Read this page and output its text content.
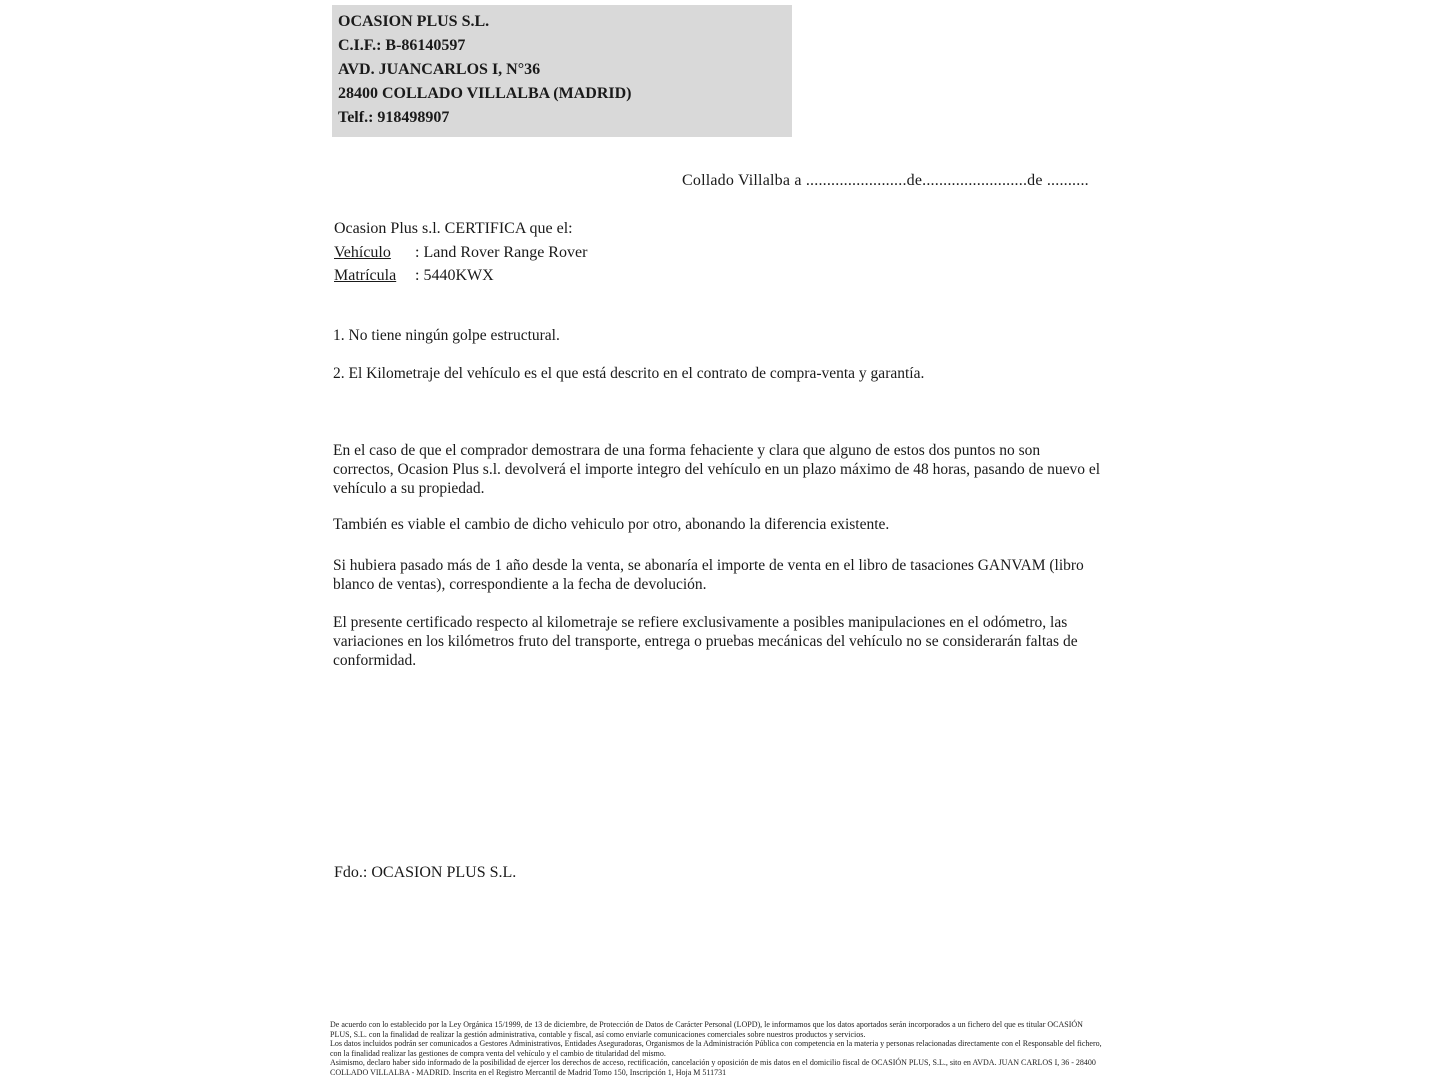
OCASION PLUS S.L.
C.I.F.: B-86140597
AVD. JUANCARLOS I, N°36
28400 COLLADO VILLALBA (MADRID)
Telf.: 918498907
Collado Villalba a ........................de.........................de ..........
Ocasion Plus s.l. CERTIFICA que el:
Vehículo : Land Rover Range Rover
Matrícula : 5440KWX
1. No tiene ningún golpe estructural.
2. El Kilometraje del vehículo es el que está descrito en el contrato de compra-venta y garantía.
En el caso de que el comprador demostrara de una forma fehaciente y clara que alguno de estos dos puntos no son correctos, Ocasion Plus s.l. devolverá el importe integro del vehículo en un plazo máximo de 48 horas, pasando de nuevo el vehículo a su propiedad.
También es viable el cambio de dicho vehiculo por otro, abonando la diferencia existente.
Si hubiera pasado más de 1 año desde la venta, se abonaría el importe de venta en el libro de tasaciones GANVAM (libro blanco de ventas), correspondiente a la fecha de devolución.
El presente certificado respecto al kilometraje se refiere exclusivamente a posibles manipulaciones en el odómetro, las variaciones en los kilómetros fruto del transporte, entrega o pruebas mecánicas del vehículo no se considerarán faltas de conformidad.
Fdo.: OCASION PLUS S.L.

De acuerdo con lo establecido por la Ley Orgánica 15/1999, de 13 de diciembre, de Protección de Datos de Carácter Personal (LOPD), le informamos que los datos aportados serán incorporados a un fichero del que es titular OCASIÓN PLUS, S.L. con la finalidad de realizar la gestión administrativa, contable y fiscal, así como enviarle comunicaciones comerciales sobre nuestros productos y servicios.

Los datos incluidos podrán ser comunicados a Gestores Administrativos, Entidades Aseguradoras, Organismos de la Administración Pública con competencia en la materia y personas relacionadas directamente con el Responsable del fichero, con la finalidad realizar las gestiones de compra venta del vehículo y el cambio de titularidad del mismo.

Asimismo, declaro haber sido informado de la posibilidad de ejercer los derechos de acceso, rectificación, cancelación y oposición de mis datos en el domicilio fiscal de OCASIÓN PLUS, S.L., sito en AVDA. JUAN CARLOS I, 36 - 28400 COLLADO VILLALBA - MADRID. Inscrita en el Registro Mercantil de Madrid Tomo 150, Inscripción 1, Hoja M 511731
